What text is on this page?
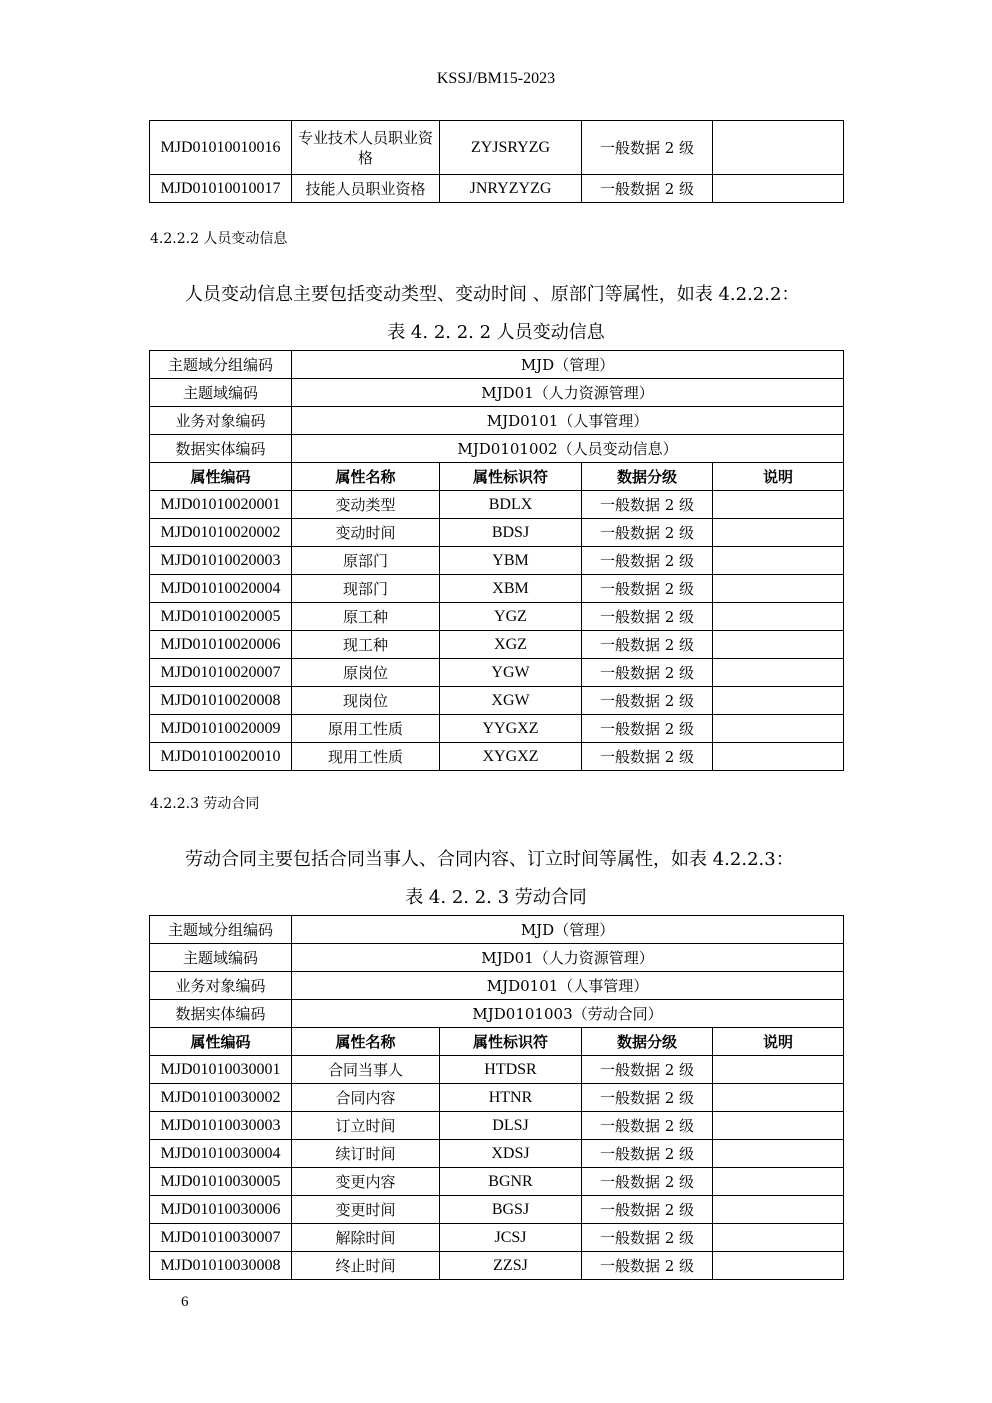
KSSJ/BM15-2023
MJD01010010016	专业技术人员职业资格	ZYJSRYZG	一般数据 2 级	
MJD01010010017	技能人员职业资格	JNRYZYZG	一般数据 2 级	
4.2.2.2 人员变动信息
人员变动信息主要包括变动类型、变动时间 、原部门等属性，如表 4.2.2.2：
表 4. 2. 2. 2 人员变动信息
主题域分组编码	MJD（管理）			
主题域编码	MJD01（人力资源管理）			
业务对象编码	MJD0101（人事管理）			
数据实体编码	MJD0101002（人员变动信息）			
属性编码	属性名称	属性标识符	数据分级	说明
MJD01010020001	变动类型	BDLX	一般数据 2 级	
MJD01010020002	变动时间	BDSJ	一般数据 2 级	
MJD01010020003	原部门	YBM	一般数据 2 级	
MJD01010020004	现部门	XBM	一般数据 2 级	
MJD01010020005	原工种	YGZ	一般数据 2 级	
MJD01010020006	现工种	XGZ	一般数据 2 级	
MJD01010020007	原岗位	YGW	一般数据 2 级	
MJD01010020008	现岗位	XGW	一般数据 2 级	
MJD01010020009	原用工性质	YYGXZ	一般数据 2 级	
MJD01010020010	现用工性质	XYGXZ	一般数据 2 级	
4.2.2.3 劳动合同
劳动合同主要包括合同当事人、合同内容、订立时间等属性，如表 4.2.2.3：
表 4. 2. 2. 3 劳动合同
主题域分组编码	MJD（管理）			
主题域编码	MJD01（人力资源管理）			
业务对象编码	MJD0101（人事管理）			
数据实体编码	MJD0101003（劳动合同）			
属性编码	属性名称	属性标识符	数据分级	说明
MJD01010030001	合同当事人	HTDSR	一般数据 2 级	
MJD01010030002	合同内容	HTNR	一般数据 2 级	
MJD01010030003	订立时间	DLSJ	一般数据 2 级	
MJD01010030004	续订时间	XDSJ	一般数据 2 级	
MJD01010030005	变更内容	BGNR	一般数据 2 级	
MJD01010030006	变更时间	BGSJ	一般数据 2 级	
MJD01010030007	解除时间	JCSJ	一般数据 2 级	
MJD01010030008	终止时间	ZZSJ	一般数据 2 级	
6
